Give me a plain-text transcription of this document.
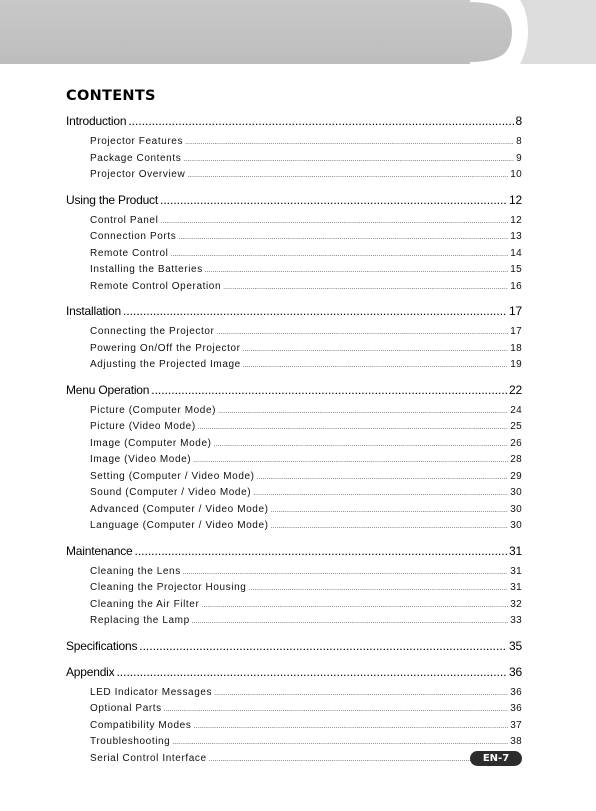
CONTENTS
Introduction .....	8
Projector Features .....	8
Package Contents .....	9
Projector Overview .....	10
Using the Product .....	12
Control Panel .....	12
Connection Ports .....	13
Remote Control .....	14
Installing the Batteries .....	15
Remote Control Operation .....	16
Installation .....	17
Connecting the Projector .....	17
Powering On/Off the Projector .....	18
Adjusting the Projected Image .....	19
Menu Operation .....	22
Picture (Computer Mode) .....	24
Picture (Video Mode) .....	25
Image (Computer Mode) .....	26
Image (Video Mode) .....	28
Setting (Computer / Video Mode) .....	29
Sound (Computer / Video Mode) .....	30
Advanced (Computer / Video Mode) .....	30
Language (Computer / Video Mode) .....	30
Maintenance .....	31
Cleaning the Lens .....	31
Cleaning the Projector Housing .....	31
Cleaning the Air Filter .....	32
Replacing the Lamp .....	33
Specifications .....	35
Appendix .....	36
LED Indicator Messages .....	36
Optional Parts .....	36
Compatibility Modes .....	37
Troubleshooting .....	38
Serial Control Interface .....	EN-7
